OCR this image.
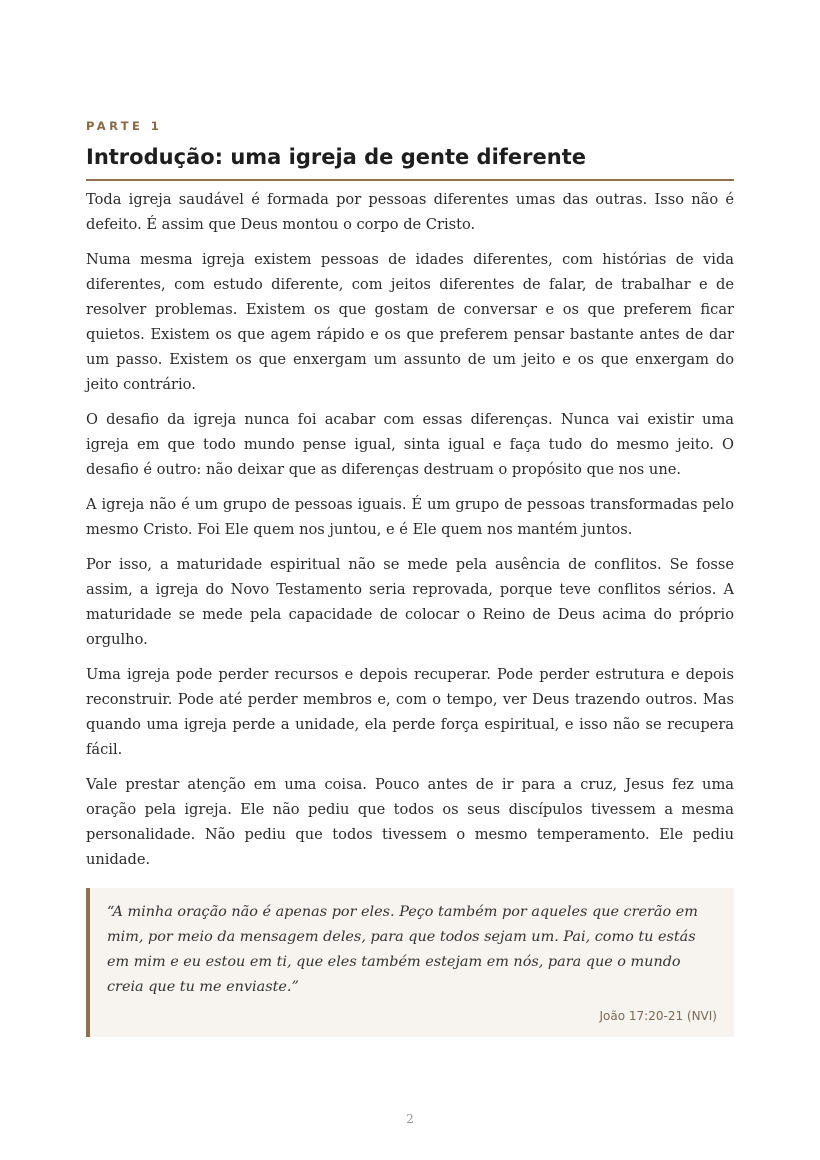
PARTE 1
Introdução: uma igreja de gente diferente

Toda igreja saudável é formada por pessoas diferentes umas das outras. Isso não é defeito. É assim que Deus montou o corpo de Cristo.

Numa mesma igreja existem pessoas de idades diferentes, com histórias de vida diferentes, com estudo diferente, com jeitos diferentes de falar, de trabalhar e de resolver problemas. Existem os que gostam de conversar e os que preferem ficar quietos. Existem os que agem rápido e os que preferem pensar bastante antes de dar um passo. Existem os que enxergam um assunto de um jeito e os que enxergam do jeito contrário.

O desafio da igreja nunca foi acabar com essas diferenças. Nunca vai existir uma igreja em que todo mundo pense igual, sinta igual e faça tudo do mesmo jeito. O desafio é outro: não deixar que as diferenças destruam o propósito que nos une.

A igreja não é um grupo de pessoas iguais. É um grupo de pessoas transformadas pelo mesmo Cristo. Foi Ele quem nos juntou, e é Ele quem nos mantém juntos.

Por isso, a maturidade espiritual não se mede pela ausência de conflitos. Se fosse assim, a igreja do Novo Testamento seria reprovada, porque teve conflitos sérios. A maturidade se mede pela capacidade de colocar o Reino de Deus acima do próprio orgulho.

Uma igreja pode perder recursos e depois recuperar. Pode perder estrutura e depois reconstruir. Pode até perder membros e, com o tempo, ver Deus trazendo outros. Mas quando uma igreja perde a unidade, ela perde força espiritual, e isso não se recupera fácil.

Vale prestar atenção em uma coisa. Pouco antes de ir para a cruz, Jesus fez uma oração pela igreja. Ele não pediu que todos os seus discípulos tivessem a mesma personalidade. Não pediu que todos tivessem o mesmo temperamento. Ele pediu unidade.

“A minha oração não é apenas por eles. Peço também por aqueles que crerão em mim, por meio da mensagem deles, para que todos sejam um. Pai, como tu estás em mim e eu estou em ti, que eles também estejam em nós, para que o mundo creia que tu me enviaste.”

João 17:20-21 (NVI)
2
